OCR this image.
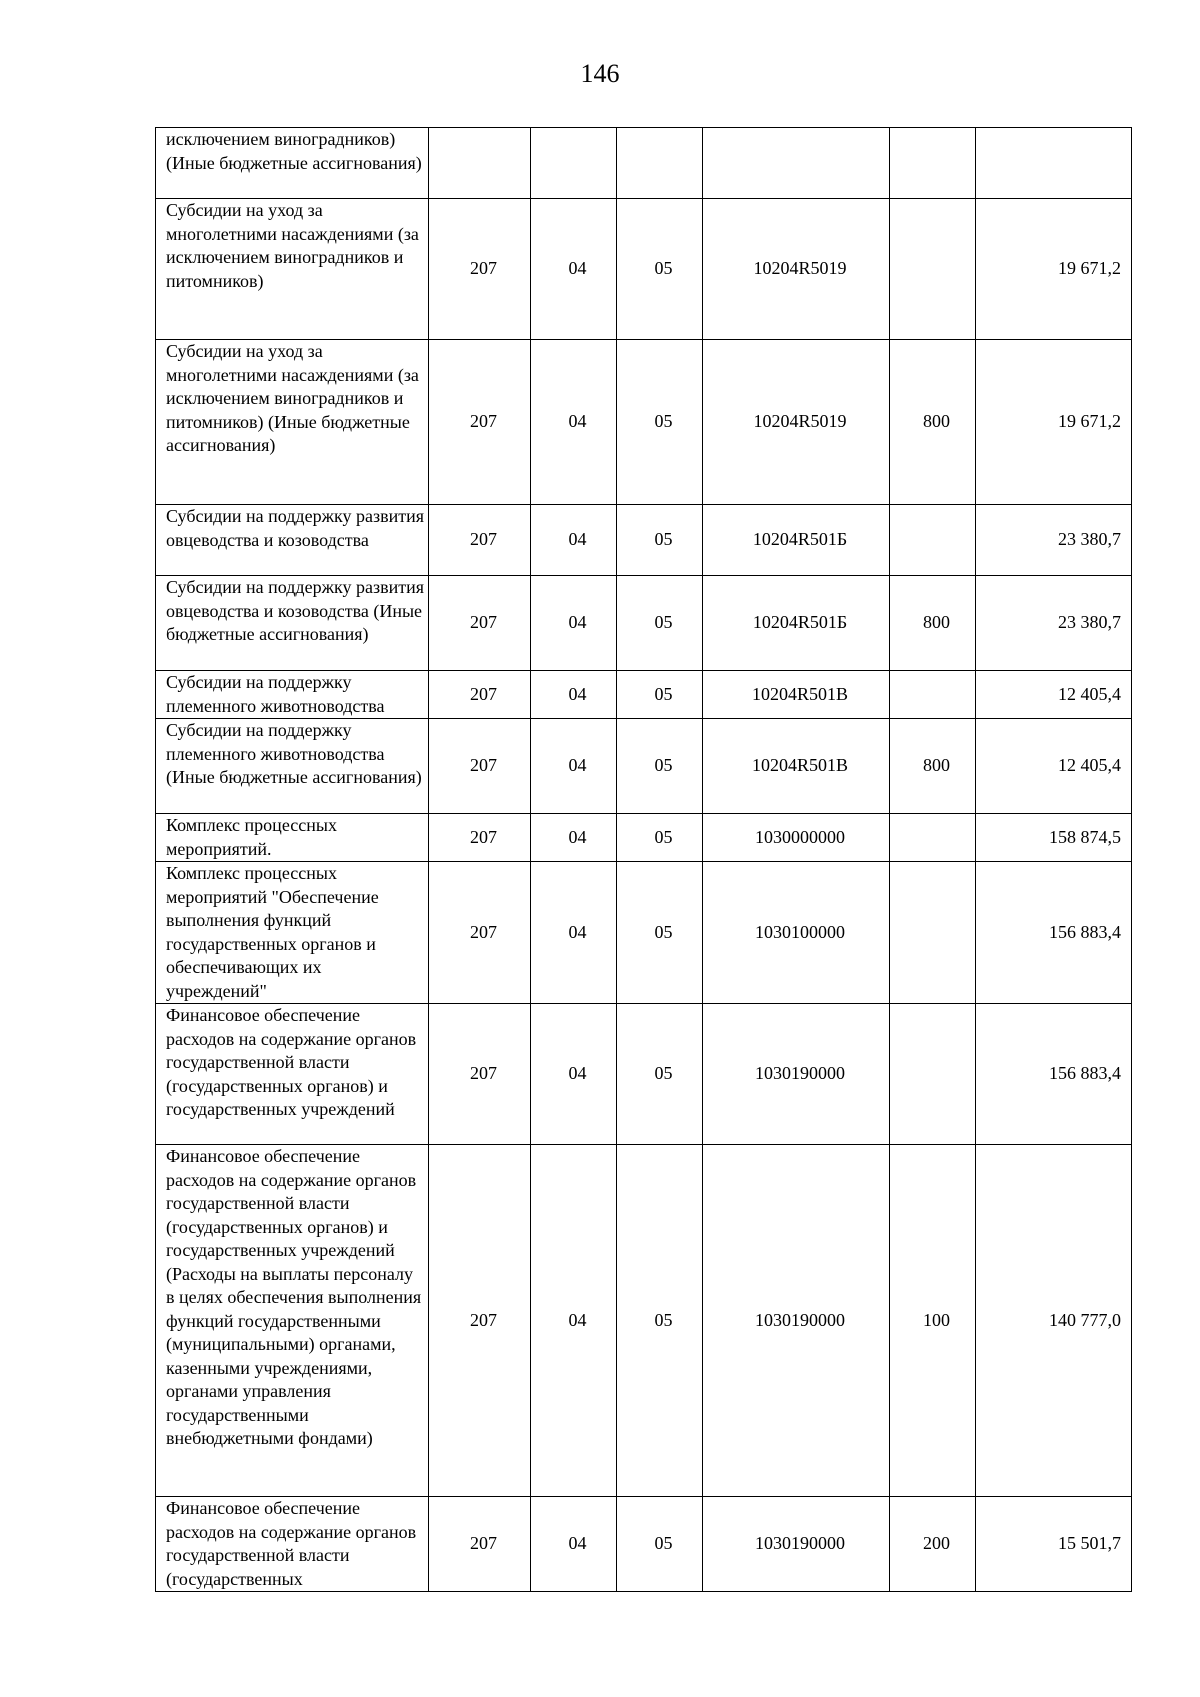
146
исключением виноградников) (Иные бюджетные ассигнования)						
Субсидии на уход за многолетними насаждениями (за исключением виноградников и питомников)	207	04	05	10204R5019		19 671,2
Субсидии на уход за многолетними насаждениями (за исключением виноградников и питомников) (Иные бюджетные ассигнования)	207	04	05	10204R5019	800	19 671,2
Субсидии на поддержку развития овцеводства и козоводства	207	04	05	10204R501Б		23 380,7
Субсидии на поддержку развития овцеводства и козоводства (Иные бюджетные ассигнования)	207	04	05	10204R501Б	800	23 380,7
Субсидии на поддержку племенного животноводства	207	04	05	10204R501В		12 405,4
Субсидии на поддержку племенного животноводства (Иные бюджетные ассигнования)	207	04	05	10204R501В	800	12 405,4
Комплекс процессных мероприятий.	207	04	05	1030000000		158 874,5
Комплекс процессных мероприятий "Обеспечение выполнения функций государственных органов и обеспечивающих их учреждений"	207	04	05	1030100000		156 883,4
Финансовое обеспечение расходов на содержание органов государственной власти (государственных органов) и государственных учреждений	207	04	05	1030190000		156 883,4
Финансовое обеспечение расходов на содержание органов государственной власти (государственных органов) и государственных учреждений (Расходы на выплаты персоналу в целях обеспечения выполнения функций государственными (муниципальными) органами, казенными учреждениями, органами управления государственными внебюджетными фондами)	207	04	05	1030190000	100	140 777,0
Финансовое обеспечение расходов на содержание органов государственной власти (государственных	207	04	05	1030190000	200	15 501,7
